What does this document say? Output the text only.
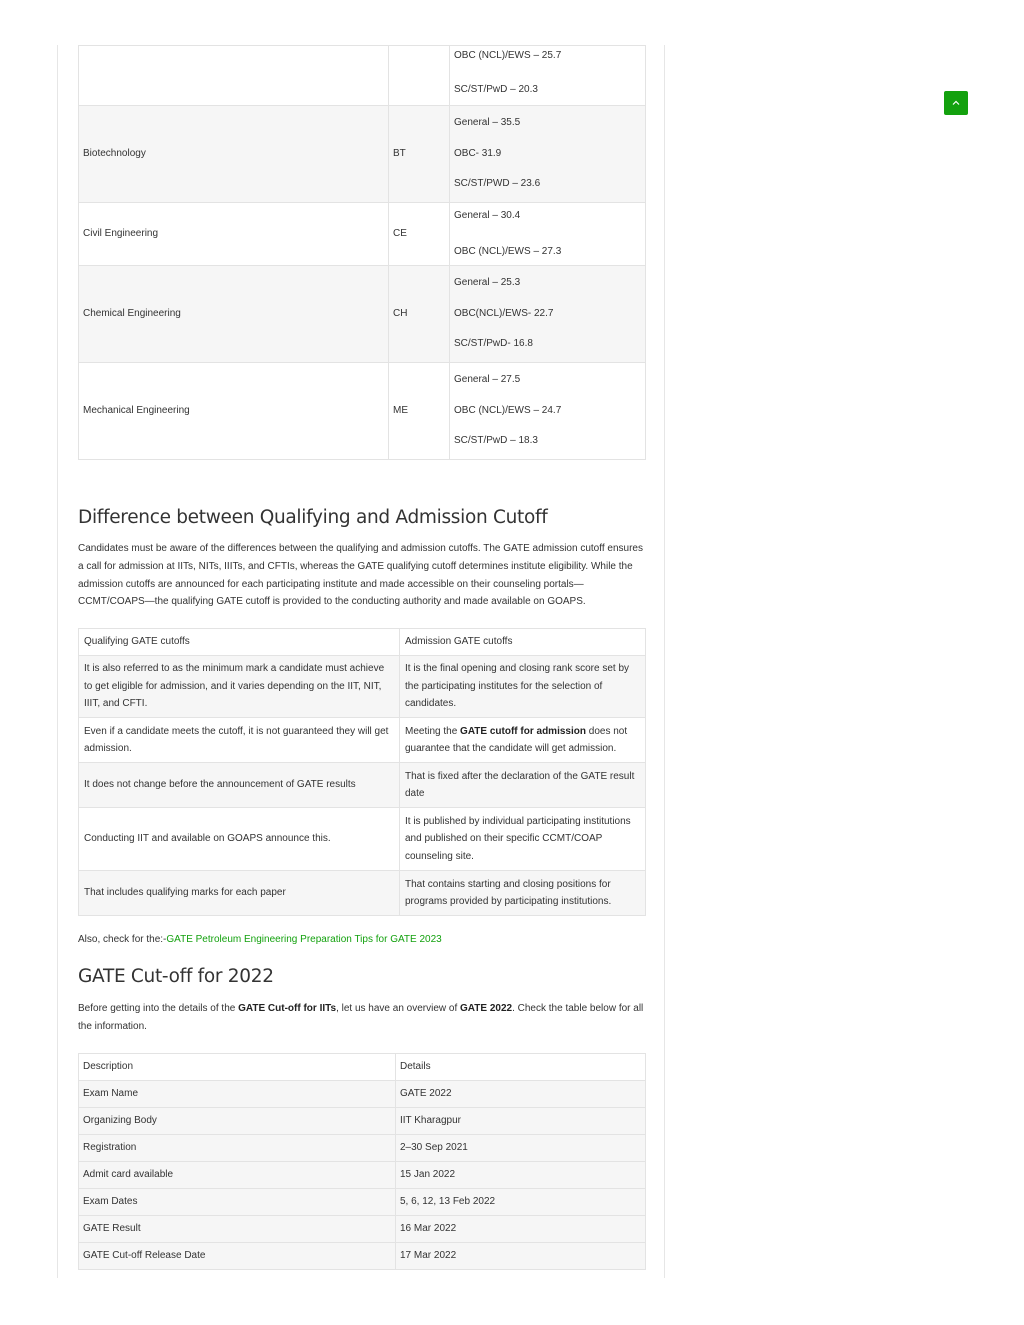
		OBC (NCL)/EWS – 25.7
SC/ST/PwD – 20.3

Biotechnology	BT	General – 35.5
OBC- 31.9
SC/ST/PWD – 23.6

Civil Engineering	CE	General – 30.4
OBC (NCL)/EWS – 27.3

Chemical Engineering	CH	General – 25.3
OBC(NCL)/EWS- 22.7
SC/ST/PwD- 16.8

Mechanical Engineering	ME	General – 27.5
OBC (NCL)/EWS – 24.7
SC/ST/PwD – 18.3
Difference between Qualifying and Admission Cutoff

Candidates must be aware of the differences between the qualifying and admission cutoffs. The GATE admission cutoff ensures a call for admission at IITs, NITs, IIITs, and CFTIs, whereas the GATE qualifying cutoff determines institute eligibility. While the admission cutoffs are announced for each participating institute and made accessible on their counseling portals—CCMT/COAPS—the qualifying GATE cutoff is provided to the conducting authority and made available on GOAPS.

Qualifying GATE cutoffs	Admission GATE cutoffs
It is also referred to as the minimum mark a candidate must achieve to get eligible for admission, and it varies depending on the IIT, NIT, IIIT, and CFTI.	It is the final opening and closing rank score set by the participating institutes for the selection of candidates.
Even if a candidate meets the cutoff, it is not guaranteed they will get admission.	Meeting the GATE cutoff for admission does not guarantee that the candidate will get admission.
It does not change before the announcement of GATE results	That is fixed after the declaration of the GATE result date
Conducting IIT and available on GOAPS announce this.	It is published by individual participating institutions and published on their specific CCMT/COAP counseling site.
That includes qualifying marks for each paper	That contains starting and closing positions for programs provided by participating institutions.

Also, check for the:-GATE Petroleum Engineering Preparation Tips for GATE 2023

GATE Cut-off for 2022

Before getting into the details of the GATE Cut-off for IITs, let us have an overview of GATE 2022. Check the table below for all the information.

Description	Details
Exam Name	GATE 2022
Organizing Body	IIT Kharagpur
Registration	2–30 Sep 2021
Admit card available	15 Jan 2022
Exam Dates	5, 6, 12, 13 Feb 2022
GATE Result	16 Mar 2022
GATE Cut-off Release Date	17 Mar 2022
